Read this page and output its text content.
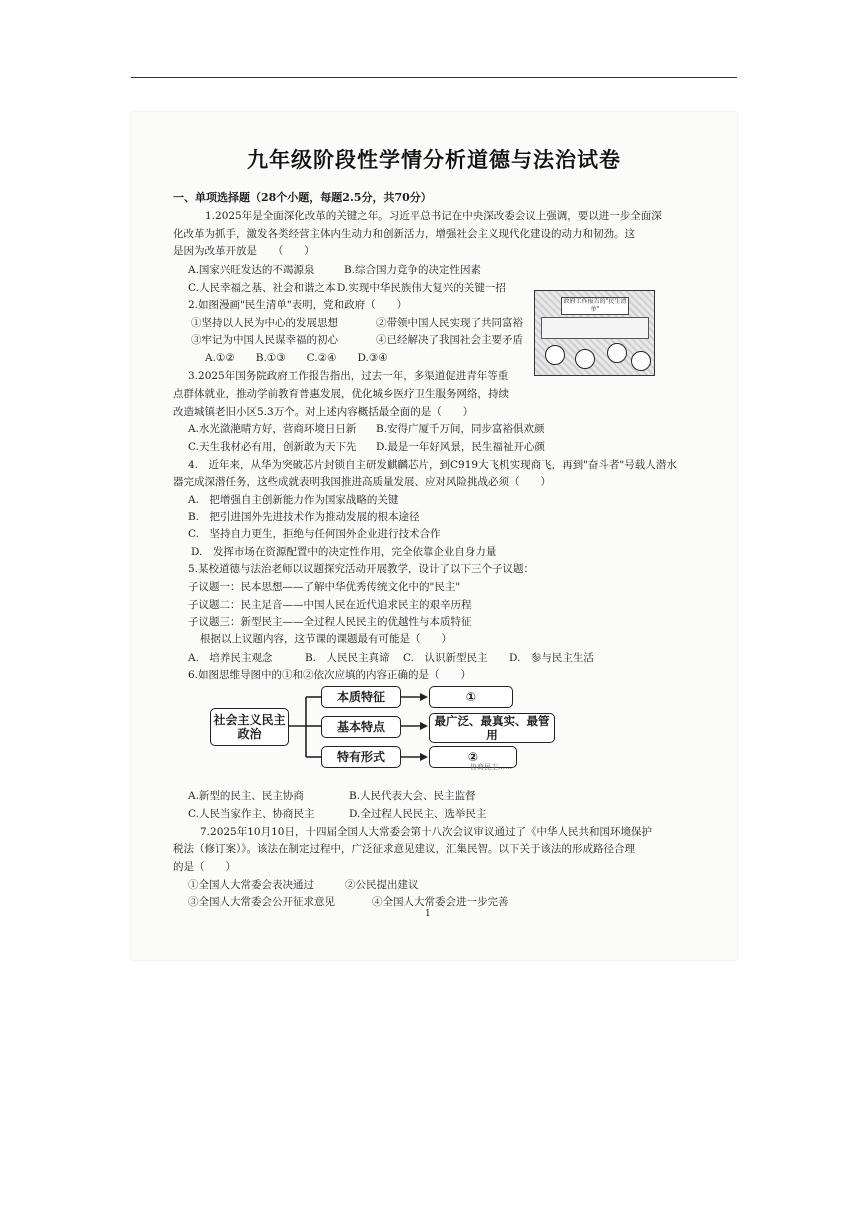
九年级阶段性学情分析道德与法治试卷
一、单项选择题（28个小题，每题2.5分，共70分）
1.2025年是全面深化改革的关键之年。习近平总书记在中央深改委会议上强调，要以进一步全面深
化改革为抓手，激发各类经营主体内生动力和创新活力，增强社会主义现代化建设的动力和韧劲。这
是因为改革开放是　　（　　）
A.国家兴旺发达的不竭源泉	B.综合国力竞争的决定性因素
C.人民幸福之基、社会和谐之本 D.实现中华民族伟大复兴的关键一招
2.如图漫画"民生清单"表明，党和政府（　　）
①坚持以人民为中心的发展思想	②带领中国人民实现了共同富裕
③牢记为中国人民谋幸福的初心	④已经解决了我国社会主要矛盾
A.①②　　B.①③　　C.②④　　D.③④
政府工作报告的"民生清单"
3.2025年国务院政府工作报告指出，过去一年，多渠道促进青年等重
点群体就业，推动学前教育普惠发展，优化城乡医疗卫生服务网络，持续
改造城镇老旧小区5.3万个。对上述内容概括最全面的是（　　）
A.水光潋滟晴方好，营商环境日日新 B.安得广厦千万间，同步富裕俱欢颜
C.天生我材必有用，创新敢为天下先 D.最是一年好风景，民生福祉开心颜
4.　近年来，从华为突破芯片封锁自主研发麒麟芯片，到C919大飞机实现商飞，再到"奋斗者"号载人潜水
器完成深潜任务，这些成就表明我国推进高质量发展、应对风险挑战必须（　　）
A.　把增强自主创新能力作为国家战略的关键
B.　把引进国外先进技术作为推动发展的根本途径
C.　坚持自力更生，拒绝与任何国外企业进行技术合作
D.　发挥市场在资源配置中的决定性作用，完全依靠企业自身力量
5.某校道德与法治老师以议题探究活动开展教学，设计了以下三个子议题：
子议题一：民本思想——了解中华优秀传统文化中的"民主"
子议题二：民主足音——中国人民在近代追求民主的艰辛历程
子议题三：新型民主——全过程人民民主的优越性与本质特征
根据以上议题内容，这节课的课题最有可能是（　　）
A.　培养民主观念	B.　人民民主真谛 C.　认识新型民主 D.　参与民主生活
6.如图思维导图中的①和②依次应填的内容正确的是（　　）
社会主义民主政治
本质特征
基本特点
特有形式
①
最广泛、最真实、最管用
②
协商民主……
A.新型的民主、民主协商	B.人民代表大会、民主监督
C.人民当家作主、协商民主	D.全过程人民民主、选举民主
7.2025年10月10日，十四届全国人大常委会第十八次会议审议通过了《中华人民共和国环境保护
税法（修订案）》。该法在制定过程中，广泛征求意见建议，汇集民智。以下关于该法的形成路径合理
的是（　　）
①全国人大常委会表决通过	②公民提出建议
③全国人大常委会公开征求意见	④全国人大常委会进一步完善
1
